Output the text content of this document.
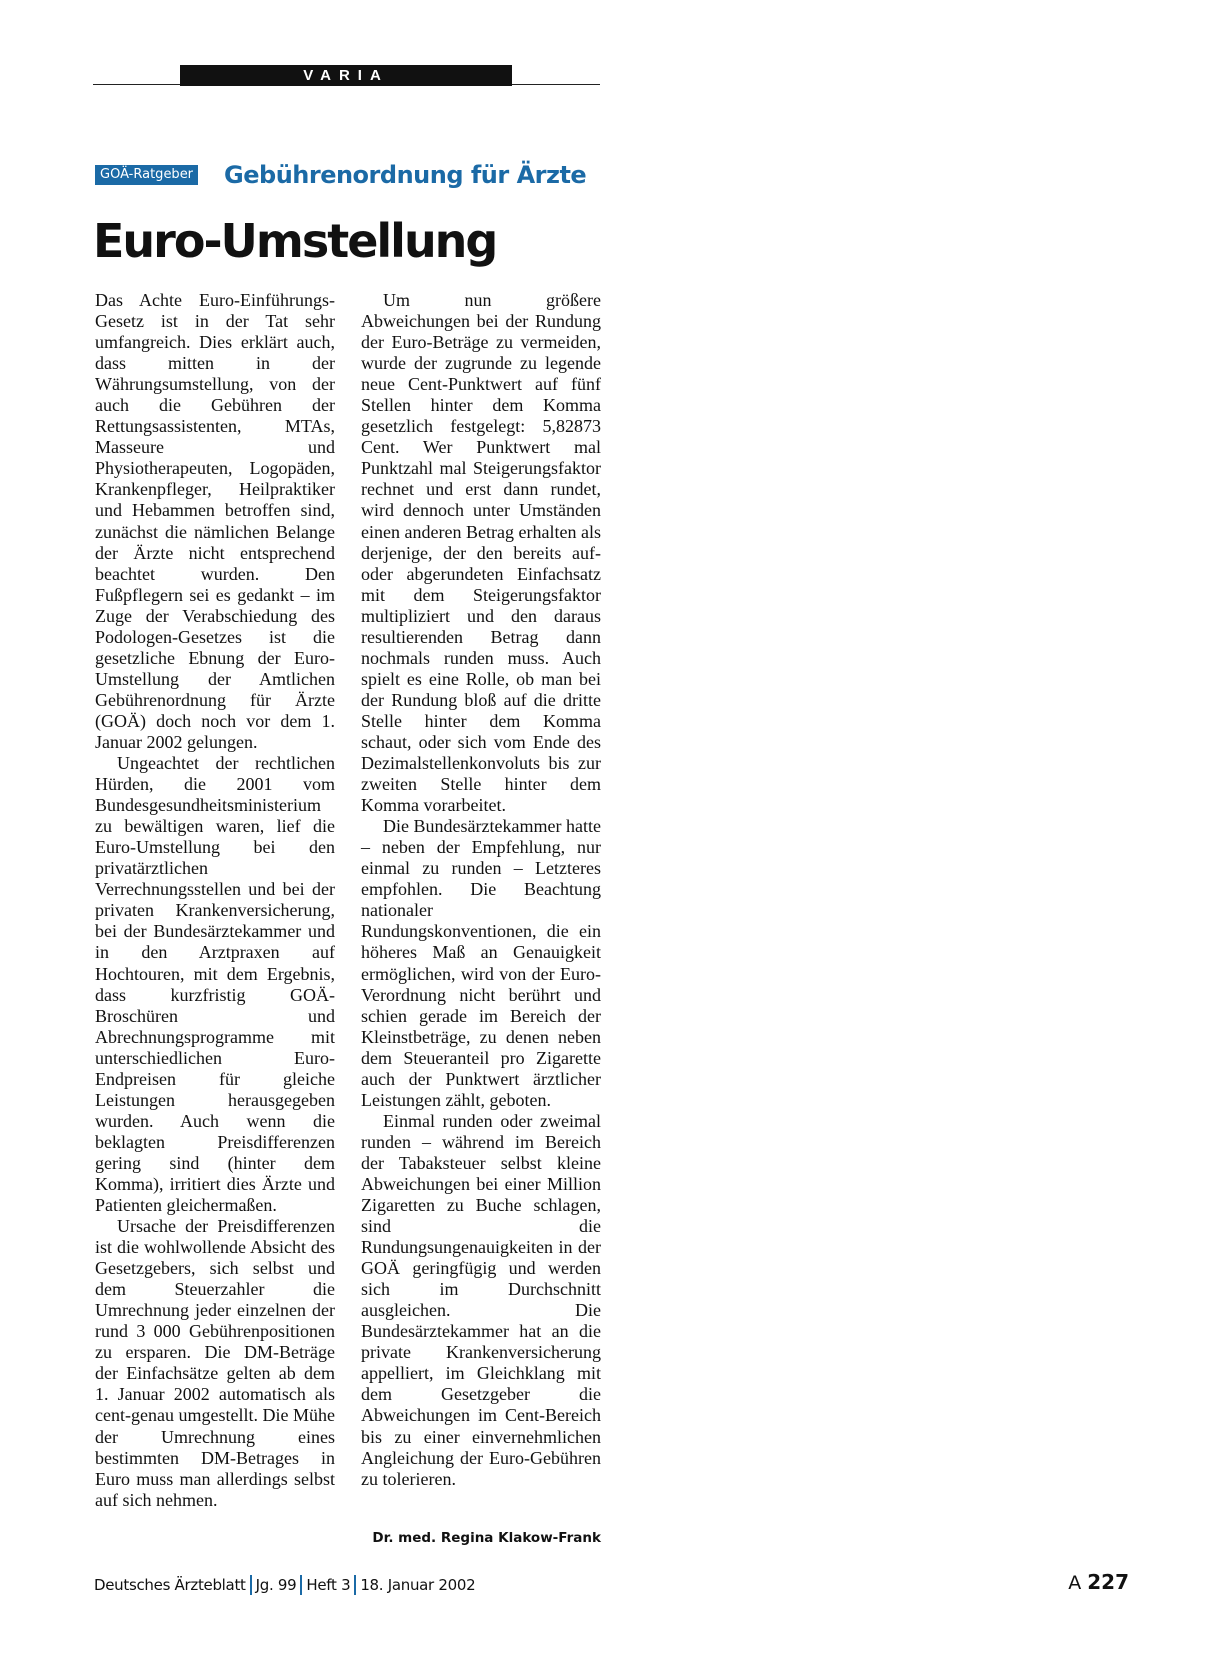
VARIA
GOÄ-Ratgeber Gebührenordnung für Ärzte
Euro-Umstellung

Das Achte Euro-Einführungs-Gesetz ist in der Tat sehr umfangreich. Dies erklärt auch, dass mitten in der Währungsumstellung, von der auch die Gebühren der Rettungsassistenten, MTAs, Masseure und Physiotherapeuten, Logopäden, Krankenpfleger, Heilpraktiker und Hebammen betroffen sind, zunächst die nämlichen Belange der Ärzte nicht entsprechend beachtet wurden. Den Fußpflegern sei es gedankt – im Zuge der Verabschiedung des Podologen-Gesetzes ist die gesetzliche Ebnung der Euro-Umstellung der Amtlichen Gebührenordnung für Ärzte (GOÄ) doch noch vor dem 1. Januar 2002 gelungen.

Ungeachtet der rechtlichen Hürden, die 2001 vom Bundesgesundheitsministerium zu bewältigen waren, lief die Euro-Umstellung bei den privatärztlichen Verrechnungsstellen und bei der privaten Krankenversicherung, bei der Bundesärztekammer und in den Arztpraxen auf Hochtouren, mit dem Ergebnis, dass kurzfristig GOÄ-Broschüren und Abrechnungsprogramme mit unterschiedlichen Euro-Endpreisen für gleiche Leistungen herausgegeben wurden. Auch wenn die beklagten Preisdifferenzen gering sind (hinter dem Komma), irritiert dies Ärzte und Patienten gleichermaßen.

Ursache der Preisdifferenzen ist die wohlwollende Absicht des Gesetzgebers, sich selbst und dem Steuerzahler die Umrechnung jeder einzelnen der rund 3 000 Gebührenpositionen zu ersparen. Die DM-Beträge der Einfachsätze gelten ab dem 1. Januar 2002 automatisch als cent-genau umgestellt. Die Mühe der Umrechnung eines bestimmten DM-Betrages in Euro muss man allerdings selbst auf sich nehmen.

Um nun größere Abweichungen bei der Rundung der Euro-Beträge zu vermeiden, wurde der zugrunde zu legende neue Cent-Punktwert auf fünf Stellen hinter dem Komma gesetzlich festgelegt: 5,82873 Cent. Wer Punktwert mal Punktzahl mal Steigerungsfaktor rechnet und erst dann rundet, wird dennoch unter Umständen einen anderen Betrag erhalten als derjenige, der den bereits auf- oder abgerundeten Einfachsatz mit dem Steigerungsfaktor multipliziert und den daraus resultierenden Betrag dann nochmals runden muss. Auch spielt es eine Rolle, ob man bei der Rundung bloß auf die dritte Stelle hinter dem Komma schaut, oder sich vom Ende des Dezimalstellenkonvoluts bis zur zweiten Stelle hinter dem Komma vorarbeitet.

Die Bundesärztekammer hatte – neben der Empfehlung, nur einmal zu runden – Letzteres empfohlen. Die Beachtung nationaler Rundungskonventionen, die ein höheres Maß an Genauigkeit ermöglichen, wird von der Euro-Verordnung nicht berührt und schien gerade im Bereich der Kleinstbeträge, zu denen neben dem Steueranteil pro Zigarette auch der Punktwert ärztlicher Leistungen zählt, geboten.

Einmal runden oder zweimal runden – während im Bereich der Tabaksteuer selbst kleine Abweichungen bei einer Million Zigaretten zu Buche schlagen, sind die Rundungsungenauigkeiten in der GOÄ geringfügig und werden sich im Durchschnitt ausgleichen. Die Bundesärztekammer hat an die private Krankenversicherung appelliert, im Gleichklang mit dem Gesetzgeber die Abweichungen im Cent-Bereich bis zu einer einvernehmlichen Angleichung der Euro-Gebühren zu tolerieren.

Dr. med. Regina Klakow-Frank
Deutsches Ärzteblatt Jg. 99 Heft 3 18. Januar 2002	A 227
